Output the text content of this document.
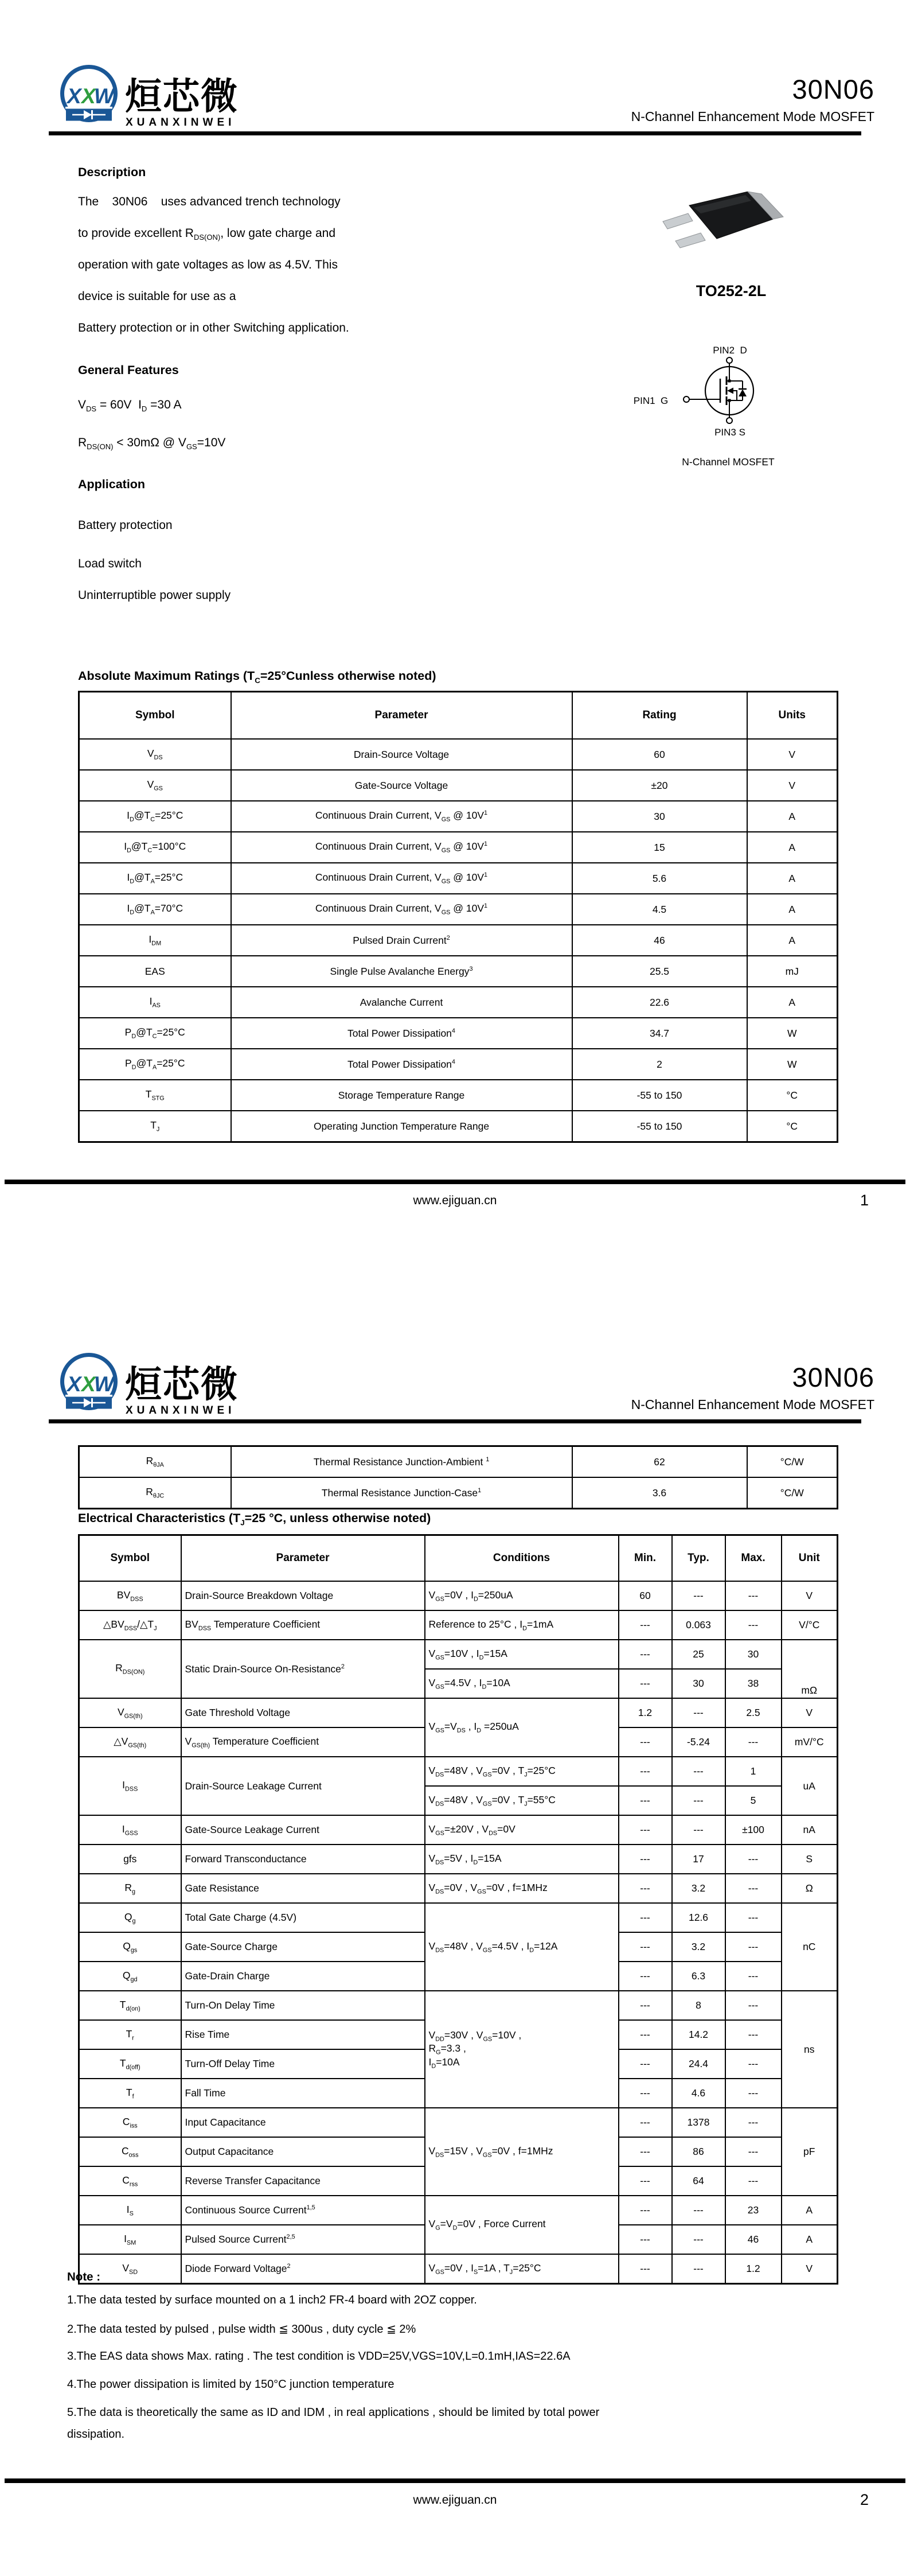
X X
W 烜芯微
XUANXINWEI
30N06
N-Channel Enhancement Mode MOSFET
Description
The    30N06    uses advanced trench technology
to provide excellent $R_{DS(ON)}$, low gate charge and
operation with gate voltages as low as 4.5V. This
device is suitable for use as a
Battery protection or in other Switching application.
General Features
$V_{DS} = 60V$  $I_D =30$ A
$R_{DS(ON)} < 30m\Omega$ @ $V_{GS}=10V$
Application
Battery protection
Load switch
Uninterruptible power supply
TO252-2L
PIN2  D
PIN1  G
PIN3 S
N-Channel MOSFET
Absolute Maximum Ratings ($T_C=25^\circ Cunless$ otherwise noted)
Symbol	Parameter	Rating	Units
$V_{DS}$	Drain-Source Voltage	60	V
$V_{GS}$	Gate-Source Voltage	±20	V
$I_D@T_C=25^\circ C$	Continuous Drain Current, $V_{GS}$ @ $10V^1$	30	A
$I_D@T_C=100^\circ C$	Continuous Drain Current, $V_{GS}$ @ $10V^1$	15	A
$I_D@T_A=25^\circ C$	Continuous Drain Current, $V_{GS}$ @ $10V^1$	5.6	A
$I_D@T_A=70^\circ C$	Continuous Drain Current, $V_{GS}$ @ $10V^1$	4.5	A
$I_{DM}$	Pulsed Drain Current$^2$	46	A
EAS	Single Pulse Avalanche Energy$^3$	25.5	mJ
$I_{AS}$	Avalanche Current	22.6	A
$P_D@T_C=25^\circ C$	Total Power Dissipation$^4$	34.7	W
$P_D@T_A=25^\circ C$	Total Power Dissipation$^4$	2	W
$T_{STG}$	Storage Temperature Range	-55 to 150	°C
$T_J$	Operating Junction Temperature Range	-55 to 150	°C
www.ejiguan.cn	1
X X
W 烜芯微
XUANXINWEI
30N06
N-Channel Enhancement Mode MOSFET
$R_{\theta JA}$	Thermal Resistance Junction-Ambient $^1$	62	°C/W
$R_{\theta JC}$	Thermal Resistance Junction-Case$^1$	3.6	°C/W
Electrical Characteristics ($T_J=25$ °C, unless otherwise noted)
Symbol	Parameter	Conditions	Min.	Typ.	Max.	Unit
$BV_{DSS}$	Drain-Source Breakdown Voltage	$V_{GS}=0V$ , $I_D=250uA$	60	---	---	V
$\triangle BV_{DSS}/\triangle T_J$	$BV_{DSS}$ Temperature Coefficient	Reference to 25°C , $I_D=1mA$	---	0.063	---	V/°C
$R_{DS(ON)}$	Static Drain-Source On-Resistance$^2$	$V_{GS}=10V$ , $I_D=15A$	---	25	30	mΩ
		$V_{GS}=4.5V$ , $I_D=10A$	---	30	38	
$V_{GS(th)}$	Gate Threshold Voltage	$V_{GS}=V_{DS}$ , $I_D =250uA$	1.2	---	2.5	V
$\triangle V_{GS(th)}$	$V_{GS(th)}$ Temperature Coefficient		---	-5.24	---	mV/°C
$I_{DSS}$	Drain-Source Leakage Current	$V_{DS}=48V$ , $V_{GS}=0V$ , $T_J=25^\circ C$	---	---	1	uA
		$V_{DS}=48V$ , $V_{GS}=0V$ , $T_J=55^\circ C$	---	---	5	
$I_{GSS}$	Gate-Source Leakage Current	$V_{GS}=\pm 20V$ , $V_{DS}=0V$	---	---	±100	nA
gfs	Forward Transconductance	$V_{DS}=5V$ , $I_D=15A$	---	17	---	S
$R_g$	Gate Resistance	$V_{DS}=0V$ , $V_{GS}=0V$ , f=1MHz	---	3.2	---	Ω
$Q_g$	Total Gate Charge (4.5V)	$V_{DS}=48V$ , $V_{GS}=4.5V$ , $I_D=12A$	---	12.6	---	nC
$Q_{gs}$	Gate-Source Charge		---	3.2	---	
$Q_{gd}$	Gate-Drain Charge		---	6.3	---	
$T_{d(on)}$	Turn-On Delay Time	$V_{DD}=30V$ , $V_{GS}=10V$ ,
$R_G=3.3$ ,
$I_D=10A$	---	8	---	ns
$T_r$	Rise Time		---	14.2	---	
$T_{d(off)}$	Turn-Off Delay Time		---	24.4	---	
$T_f$	Fall Time		---	4.6	---	
$C_{iss}$	Input Capacitance	$V_{DS}=15V$ , $V_{GS}=0V$ , f=1MHz	---	1378	---	pF
$C_{oss}$	Output Capacitance		---	86	---	
$C_{rss}$	Reverse Transfer Capacitance		---	64	---	
$I_S$	Continuous Source Current$^{1,5}$	$V_G=V_D=0V$ , Force Current	---	---	23	A
$I_{SM}$	Pulsed Source Current$^{2,5}$		---	---	46	A
$V_{SD}$	Diode Forward Voltage$^2$	$V_{GS}=0V$ , $I_S=1A$ , $T_J=25^\circ C$	---	---	1.2	V
Note :
1.The data tested by surface mounted on a 1 inch2 FR-4 board with 2OZ copper.
2.The data tested by pulsed , pulse width ≦ 300us , duty cycle ≦ 2%
3.The EAS data shows Max. rating . The test condition is VDD=25V,VGS=10V,L=0.1mH,IAS=22.6A
4.The power dissipation is limited by 150°C junction temperature
5.The data is theoretically the same as ID and IDM , in real applications , should be limited by total power
dissipation.
www.ejiguan.cn	2
